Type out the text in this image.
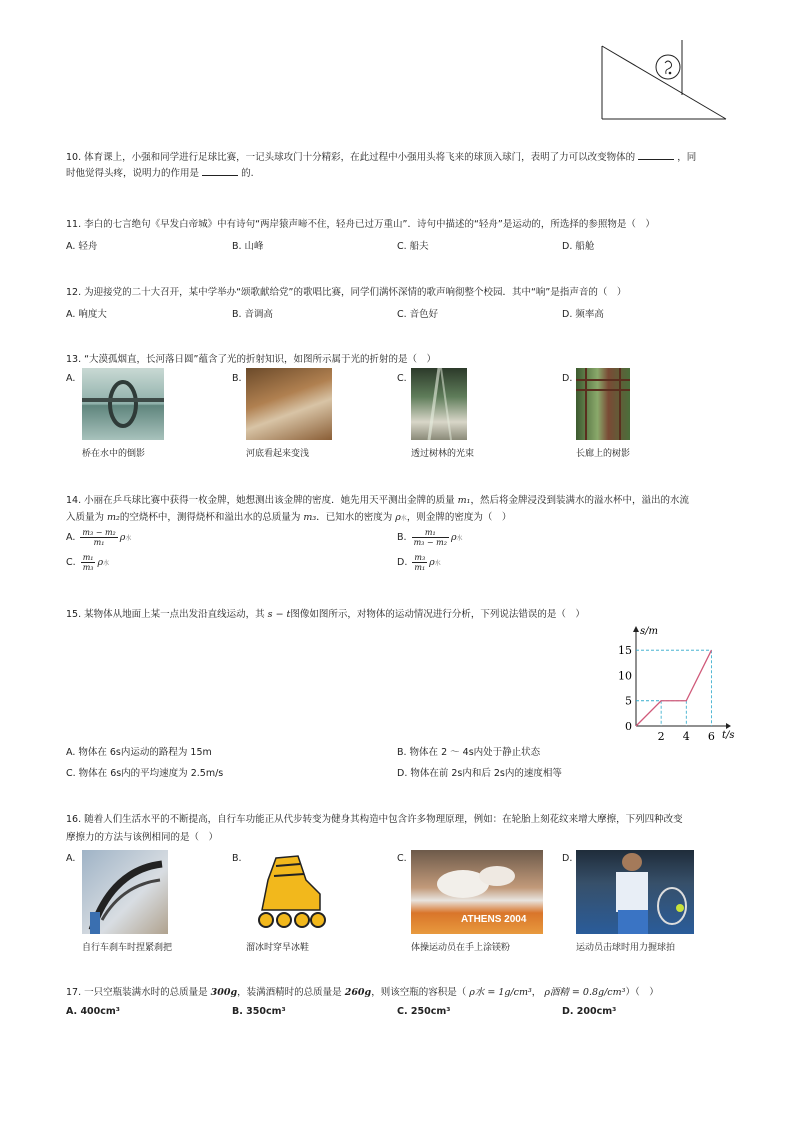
10. 体育课上，小强和同学进行足球比赛，一记头球攻门十分精彩，在此过程中小强用头将飞来的球顶入球门，表明了力可以改变物体的	，同
时他觉得头疼，说明力的作用是	的.
11. 李白的七言绝句《早发白帝城》中有诗句“两岸猿声啼不住，轻舟已过万重山”．诗句中描述的“轻舟”是运动的，所选择的参照物是（　）
A. 轻舟	B. 山峰	C. 船夫	D. 船舱
12. 为迎接党的二十大召开，某中学举办“颂歌献给党”的歌唱比赛，同学们满怀深情的歌声响彻整个校园．其中“响”是指声音的（　）
A. 响度大	B. 音调高	C. 音色好	D. 频率高
13. “大漠孤烟直，长河落日圆”蕴含了光的折射知识，如图所示属于光的折射的是（　）
A.	B.	C.	D.
桥在水中的倒影	河底看起来变浅	透过树林的光束	长廊上的树影
14. 小丽在乒乓球比赛中获得一枚金牌，她想测出该金牌的密度．她先用天平测出金牌的质量 m₁，然后将金牌浸没到装满水的溢水杯中，溢出的水流
入质量为 m₂的空烧杯中，测得烧杯和溢出水的总质量为 m₃．已知水的密度为 ρ水，则金牌的密度为（　）
A. $\frac{\text{m₃ − m₂}}{\text{m₁}}$ ρ水	B. $\frac{\text{m₁}}{\text{m₃ − m₂}}$ ρ水
C. $\frac{\text{m₁}}{\text{m₃}}$ ρ水	D. $\frac{\text{m₃}}{\text{m₁}}$ ρ水
15. 某物体从地面上某一点出发沿直线运动，其 s − t图像如图所示，对物体的运动情况进行分析，下列说法错误的是（　）
s/m
t/s
0
5
10
15
2 4 6
A. 物体在 6s内运动的路程为 15m	B. 物体在 2 ～ 4s内处于静止状态
C. 物体在 6s内的平均速度为 2.5m/s	D. 物体在前 2s内和后 2s内的速度相等
16. 随着人们生活水平的不断提高，自行车功能正从代步转变为健身其构造中包含许多物理原理，例如：在轮胎上刻花纹来增大摩擦，下列四种改变
摩擦力的方法与该例相同的是（　）
A.	B.	C.	D.
ATHENS 2004
自行车刹车时捏紧刹把	溜冰时穿旱冰鞋	体操运动员在手上涂镁粉	运动员击球时用力握球拍
17. 一只空瓶装满水时的总质量是 300g，装满酒精时的总质量是 260g，则该空瓶的容积是（ ρ水 = 1g/cm³， ρ酒精 = 0.8g/cm³）（　）
A. 400cm³	B. 350cm³	C. 250cm³	D. 200cm³
